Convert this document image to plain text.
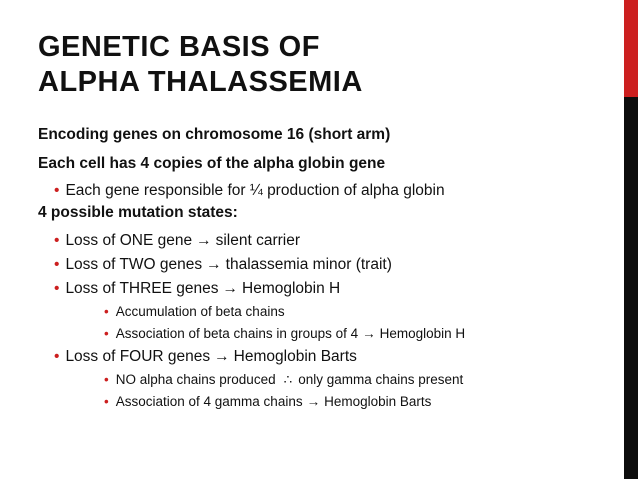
GENETIC BASIS OF
ALPHA THALASSEMIA

Encoding genes on chromosome 16 (short arm)

Each cell has 4 copies of the alpha globin gene

• Each gene responsible for ¼ production of alpha globin

4 possible mutation states:

• Loss of ONE gene → silent carrier
• Loss of TWO genes → thalassemia minor (trait)
• Loss of THREE genes → Hemoglobin H
• Accumulation of beta chains
• Association of beta chains in groups of 4 → Hemoglobin H
• Loss of FOUR genes → Hemoglobin Barts
• NO alpha chains produced ∴ only gamma chains present
• Association of 4 gamma chains → Hemoglobin Barts
